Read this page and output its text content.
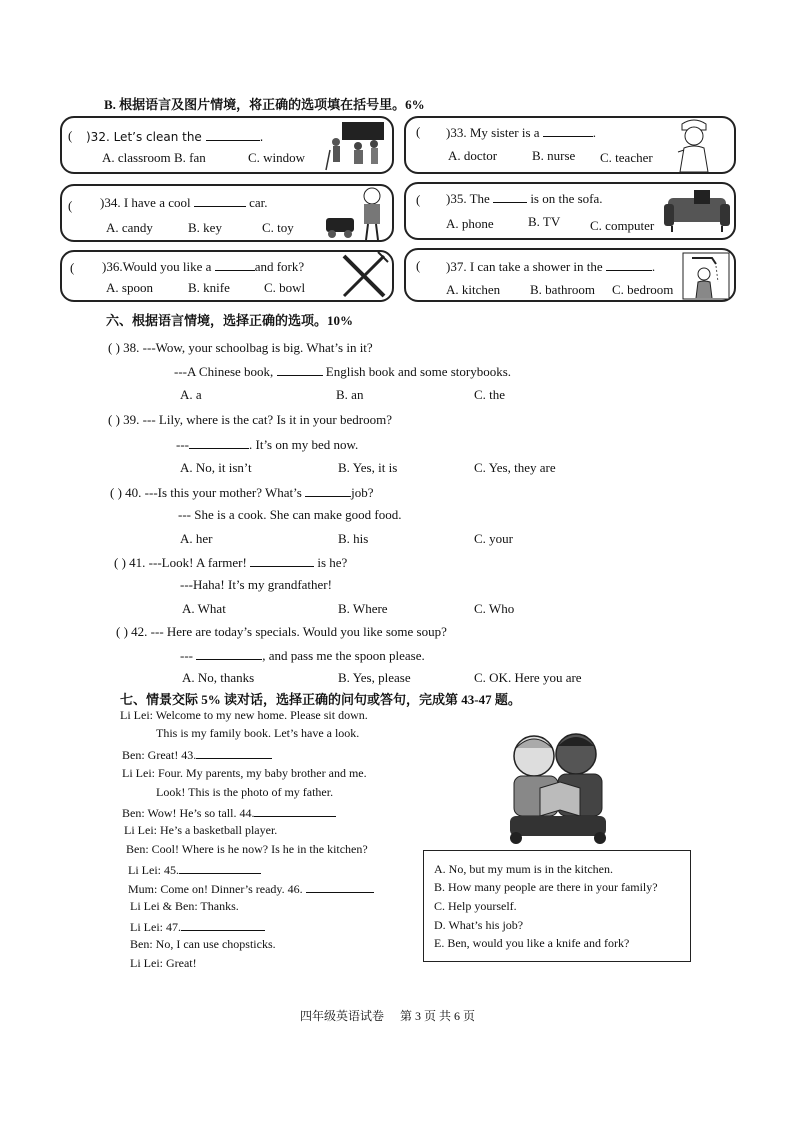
B. 根据语言及图片情境，将正确的选项填在括号里。6%
( )32. Let’s clean the	.
A. classroom B. fan	C. window
( )33. My sister is a	.
A. doctor	B. nurse C. teacher
( )34. I have a cool	car.
A. candy	B. key	C. toy
( )35. The	is on the sofa.
A. phone	B. TV C. computer
( )36.Would you like a	and fork?
A. spoon	B. knife	C. bowl
( )37. I can take a shower in the	.
A. kitchen B. bathroom C. bedroom
六、根据语言情境，选择正确的选项。10%
( ) 38. ---Wow, your schoolbag is big. What’s in it?
---A Chinese book,	English book and some storybooks.
A. a	B. an	C. the
( ) 39. --- Lily, where is the cat? Is it in your bedroom?
---	. It’s on my bed now.
A. No, it isn’t	B. Yes, it is	C. Yes, they are
( ) 40. ---Is this your mother? What’s	job?
--- She is a cook. She can make good food.
A. her	B. his	C. your
( ) 41. ---Look! A farmer!	is he?
---Haha! It’s my grandfather!
A. What	B. Where	C. Who
( ) 42. --- Here are today’s specials. Would you like some soup?
---	, and pass me the spoon please.
A. No, thanks	B. Yes, please	C. OK. Here you are
七、情景交际 5% 读对话，选择正确的问句或答句，完成第 43-47 题。
Li Lei: Welcome to my new home. Please sit down.
This is my family book. Let’s have a look.
Ben: Great! 43.
Li Lei: Four. My parents, my baby brother and me.
Look! This is the photo of my father.
Ben: Wow! He’s so tall. 44.
Li Lei: He’s a basketball player.
Ben: Cool! Where is he now? Is he in the kitchen?
Li Lei: 45.
Mum: Come on! Dinner’s ready. 46.
Li Lei & Ben: Thanks.
Li Lei: 47.
Ben: No, I can use chopsticks.
Li Lei: Great!
A. No, but my mum is in the kitchen.
B. How many people are there in your family?
C. Help yourself.
D. What’s his job?
E. Ben, would you like a knife and fork?
四年级英语试卷 第 3 页 共 6 页
